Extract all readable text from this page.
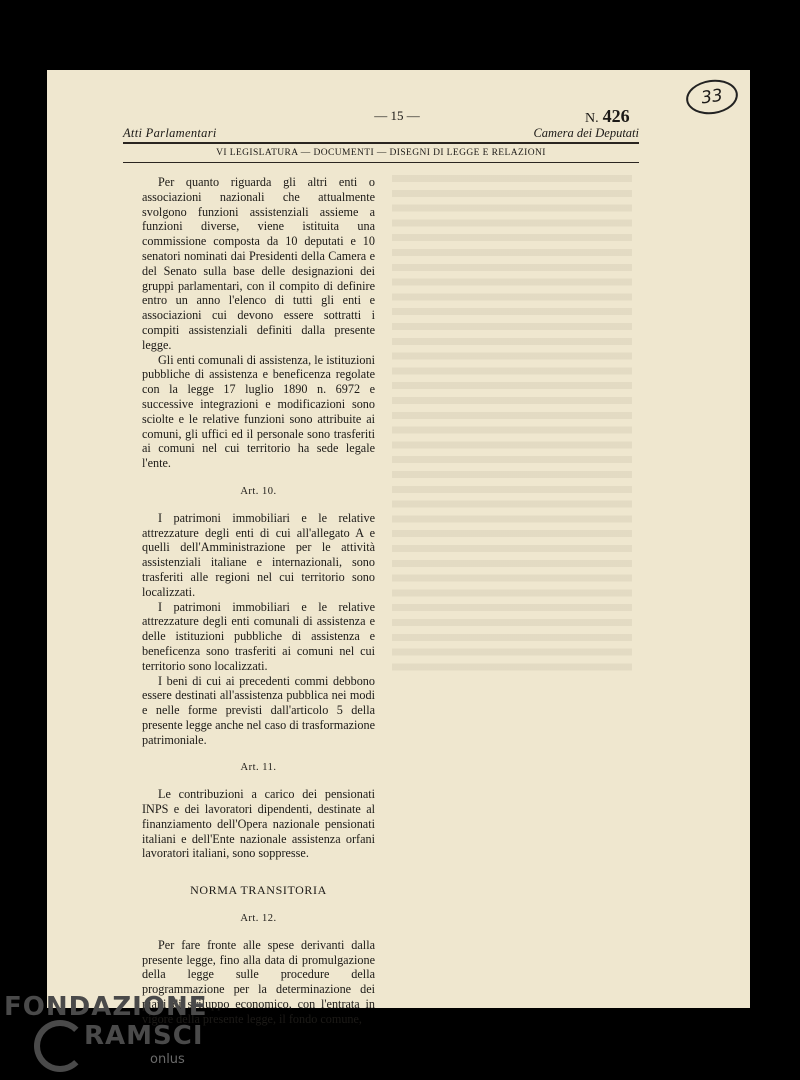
33
Atti Parlamentari
— 15 —	N. 426
Camera dei Deputati
VI LEGISLATURA — DOCUMENTI — DISEGNI DI LEGGE E RELAZIONI

Per quanto riguarda gli altri enti o associazioni nazionali che attualmente svolgono funzioni assistenziali assieme a funzioni diverse, viene istituita una commissione composta da 10 deputati e 10 senatori nominati dai Presidenti della Camera e del Senato sulla base delle designazioni dei gruppi parlamentari, con il compito di definire entro un anno l'elenco di tutti gli enti e associazioni cui devono essere sottratti i compiti assistenziali definiti dalla presente legge.

Gli enti comunali di assistenza, le istituzioni pubbliche di assistenza e beneficenza regolate con la legge 17 luglio 1890 n. 6972 e successive integrazioni e modificazioni sono sciolte e le relative funzioni sono attribuite ai comuni, gli uffici ed il personale sono trasferiti ai comuni nel cui territorio ha sede legale l'ente.

Art. 10.

I patrimoni immobiliari e le relative attrezzature degli enti di cui all'allegato A e quelli dell'Amministrazione per le attività assistenziali italiane e internazionali, sono trasferiti alle regioni nel cui territorio sono localizzati.

I patrimoni immobiliari e le relative attrezzature degli enti comunali di assistenza e delle istituzioni pubbliche di assistenza e beneficenza sono trasferiti ai comuni nel cui territorio sono localizzati.

I beni di cui ai precedenti commi debbono essere destinati all'assistenza pubblica nei modi e nelle forme previsti dall'articolo 5 della presente legge anche nel caso di trasformazione patrimoniale.

Art. 11.

Le contribuzioni a carico dei pensionati INPS e dei lavoratori dipendenti, destinate al finanziamento dell'Opera nazionale pensionati italiani e dell'Ente nazionale assistenza orfani lavoratori italiani, sono soppresse.

NORMA TRANSITORIA
Art. 12.

Per fare fronte alle spese derivanti dalla presente legge, fino alla data di promulgazione della legge sulle procedure della programmazione per la determinazione dei piani di sviluppo economico, con l'entrata in vigore della presente legge, il fondo comune,

FONDAZIONE
RAMSCI
onlus
